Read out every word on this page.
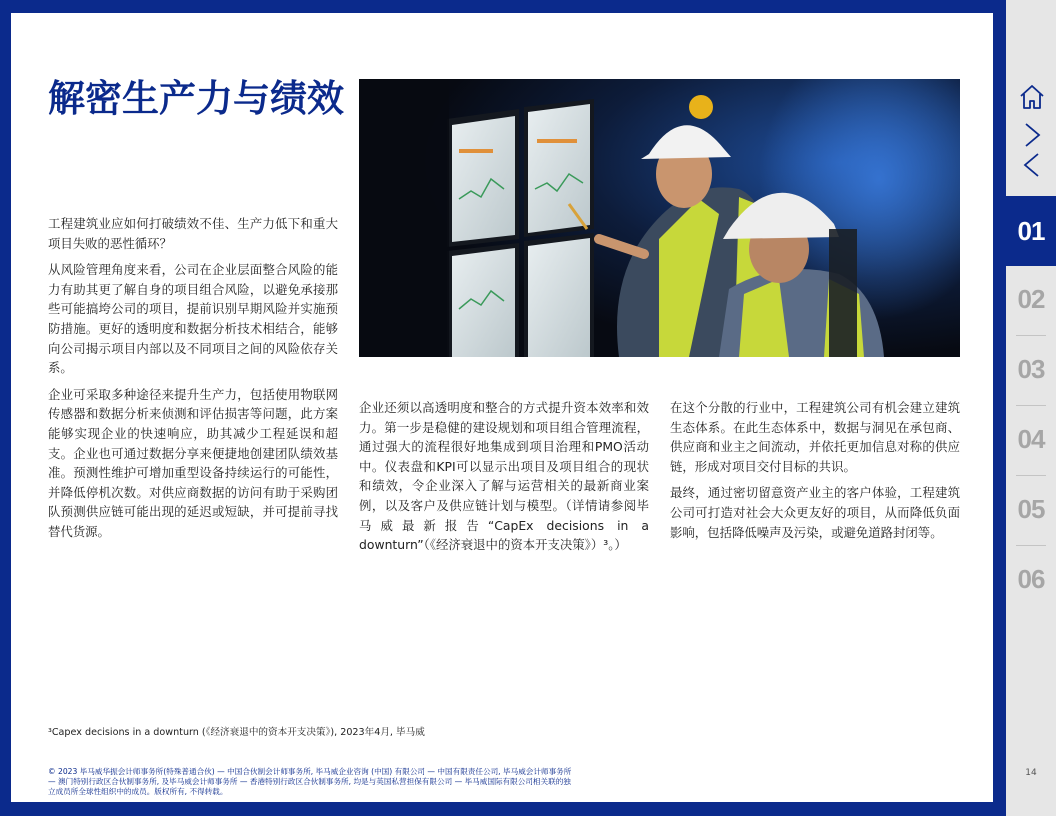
解密生产力与绩效

工程建筑业应如何打破绩效不佳、生产力低下和重大项目失败的恶性循环？

从风险管理角度来看，公司在企业层面整合风险的能力有助其更了解自身的项目组合风险，以避免承接那些可能搞垮公司的项目，提前识别早期风险并实施预防措施。更好的透明度和数据分析技术相结合，能够向公司揭示项目内部以及不同项目之间的风险依存关系。

企业可采取多种途径来提升生产力，包括使用物联网传感器和数据分析来侦测和评估损害等问题，此方案能够实现企业的快速响应，助其减少工程延误和超支。企业也可通过数据分享来便捷地创建团队绩效基准。预测性维护可增加重型设备持续运行的可能性，并降低停机次数。对供应商数据的访问有助于采购团队预测供应链可能出现的延迟或短缺，并可提前寻找替代货源。

企业还须以高透明度和整合的方式提升资本效率和效力。第一步是稳健的建设规划和项目组合管理流程，通过强大的流程很好地集成到项目治理和PMO活动中。仪表盘和KPI可以显示出项目及项目组合的现状和绩效，令企业深入了解与运营相关的最新商业案例，以及客户及供应链计划与模型。（详情请参阅毕马威最新报告“CapEx decisions in a downturn”（《经济衰退中的资本开支决策》）³。）

在这个分散的行业中，工程建筑公司有机会建立建筑生态体系。在此生态体系中，数据与洞见在承包商、供应商和业主之间流动，并依托更加信息对称的供应链，形成对项目交付目标的共识。

最终，通过密切留意资产业主的客户体验，工程建筑公司可打造对社会大众更友好的项目，从而降低负面影响，包括降低噪声及污染，或避免道路封闭等。

³Capex decisions in a downturn (《经济衰退中的资本开支决策》), 2023年4月, 毕马威
© 2023 毕马威华振会计师事务所(特殊普通合伙) — 中国合伙制会计师事务所, 毕马威企业咨询 (中国) 有限公司 — 中国有限责任公司, 毕马威会计师事务所 — 澳门特别行政区合伙制事务所, 及毕马威会计师事务所 — 香港特别行政区合伙制事务所, 均是与英国私营担保有限公司 — 毕马威国际有限公司相关联的独立成员所全球性组织中的成员。版权所有, 不得转载。
01
02
03
04
05
06
14
